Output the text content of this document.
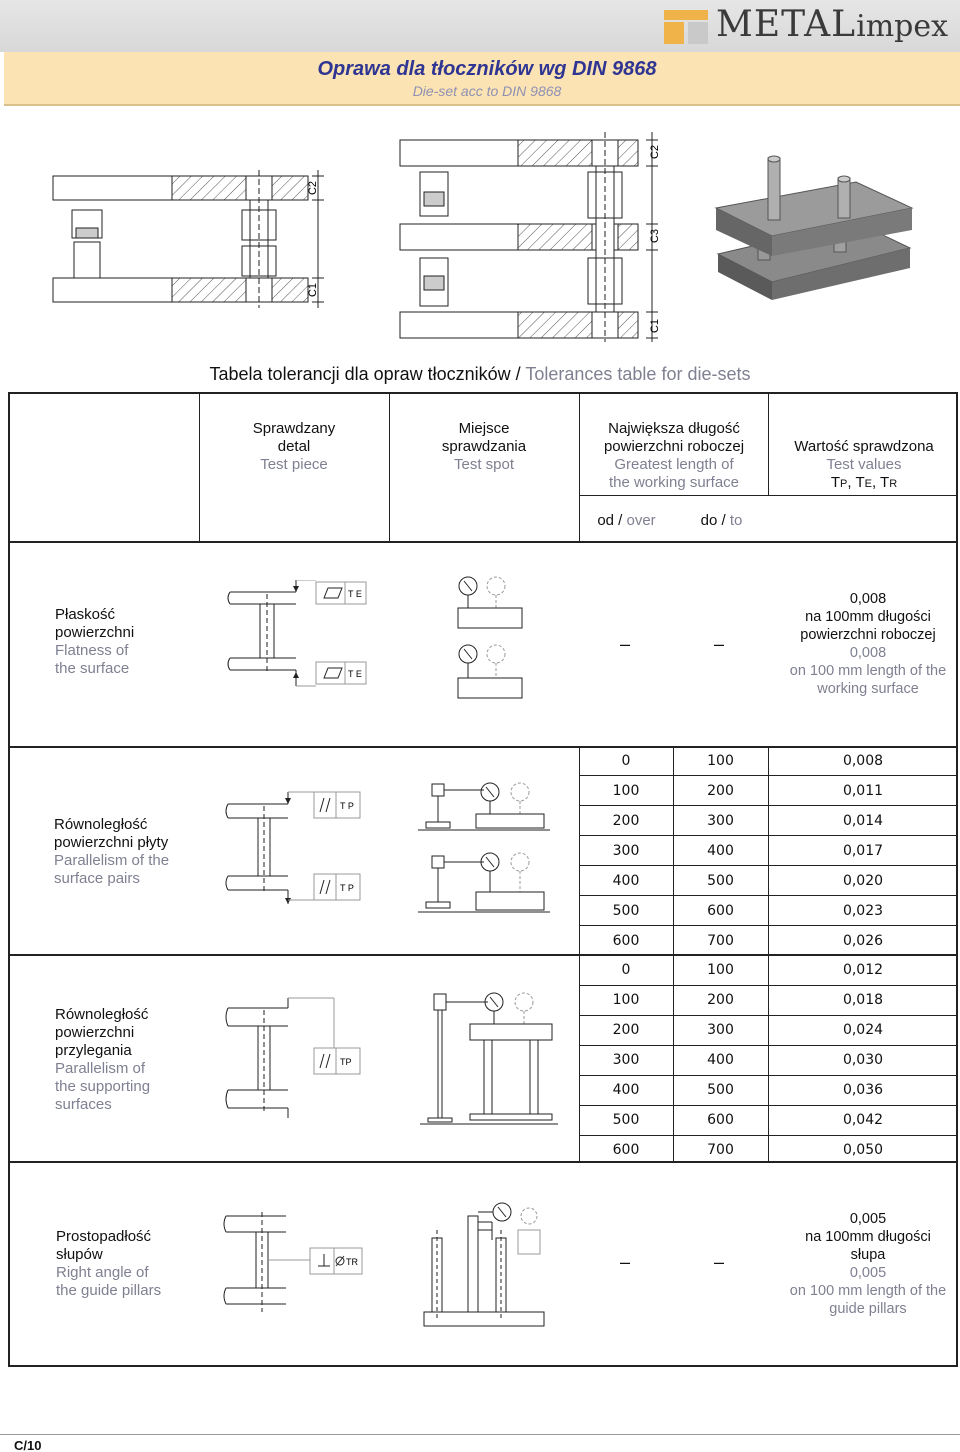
METALimpex
Oprawa dla tłoczników wg DIN 9868
Die-set acc to DIN 9868
C2
C1
C2
C3
C1
Tabela tolerancji dla opraw tłoczników / Tolerances table for die-sets
Sprawdzany
detal
Test piece
Miejsce
sprawdzania
Test spot
Największa długość
powierzchni roboczej
Greatest length of
the working surface
Wartość sprawdzona
Test values
TP, TE, TR
od / over	do / to
Płaskość
powierzchni
Flatness of
the surface
T E
T E
–	–
0,008
na 100mm długości
powierzchni roboczej
0,008
on 100 mm length of the
working surface
Równoległość
powierzchni płyty
Parallelism of the
surface pairs
T P
T P
0	100	0,008
100	200	0,011
200	300	0,014
300	400	0,017
400	500	0,020
500	600	0,023
600	700	0,026
Równoległość
powierzchni
przylegania
Parallelism of
the supporting
surfaces
TP
0	100	0,012
100	200	0,018
200	300	0,024
300	400	0,030
400	500	0,036
500	600	0,042
600	700	0,050
Prostopadłość
słupów
Right angle of
the guide pillars
TR	–	–
0,005
na 100mm długości
słupa
0,005
on 100 mm length of the
guide pillars
C/10
